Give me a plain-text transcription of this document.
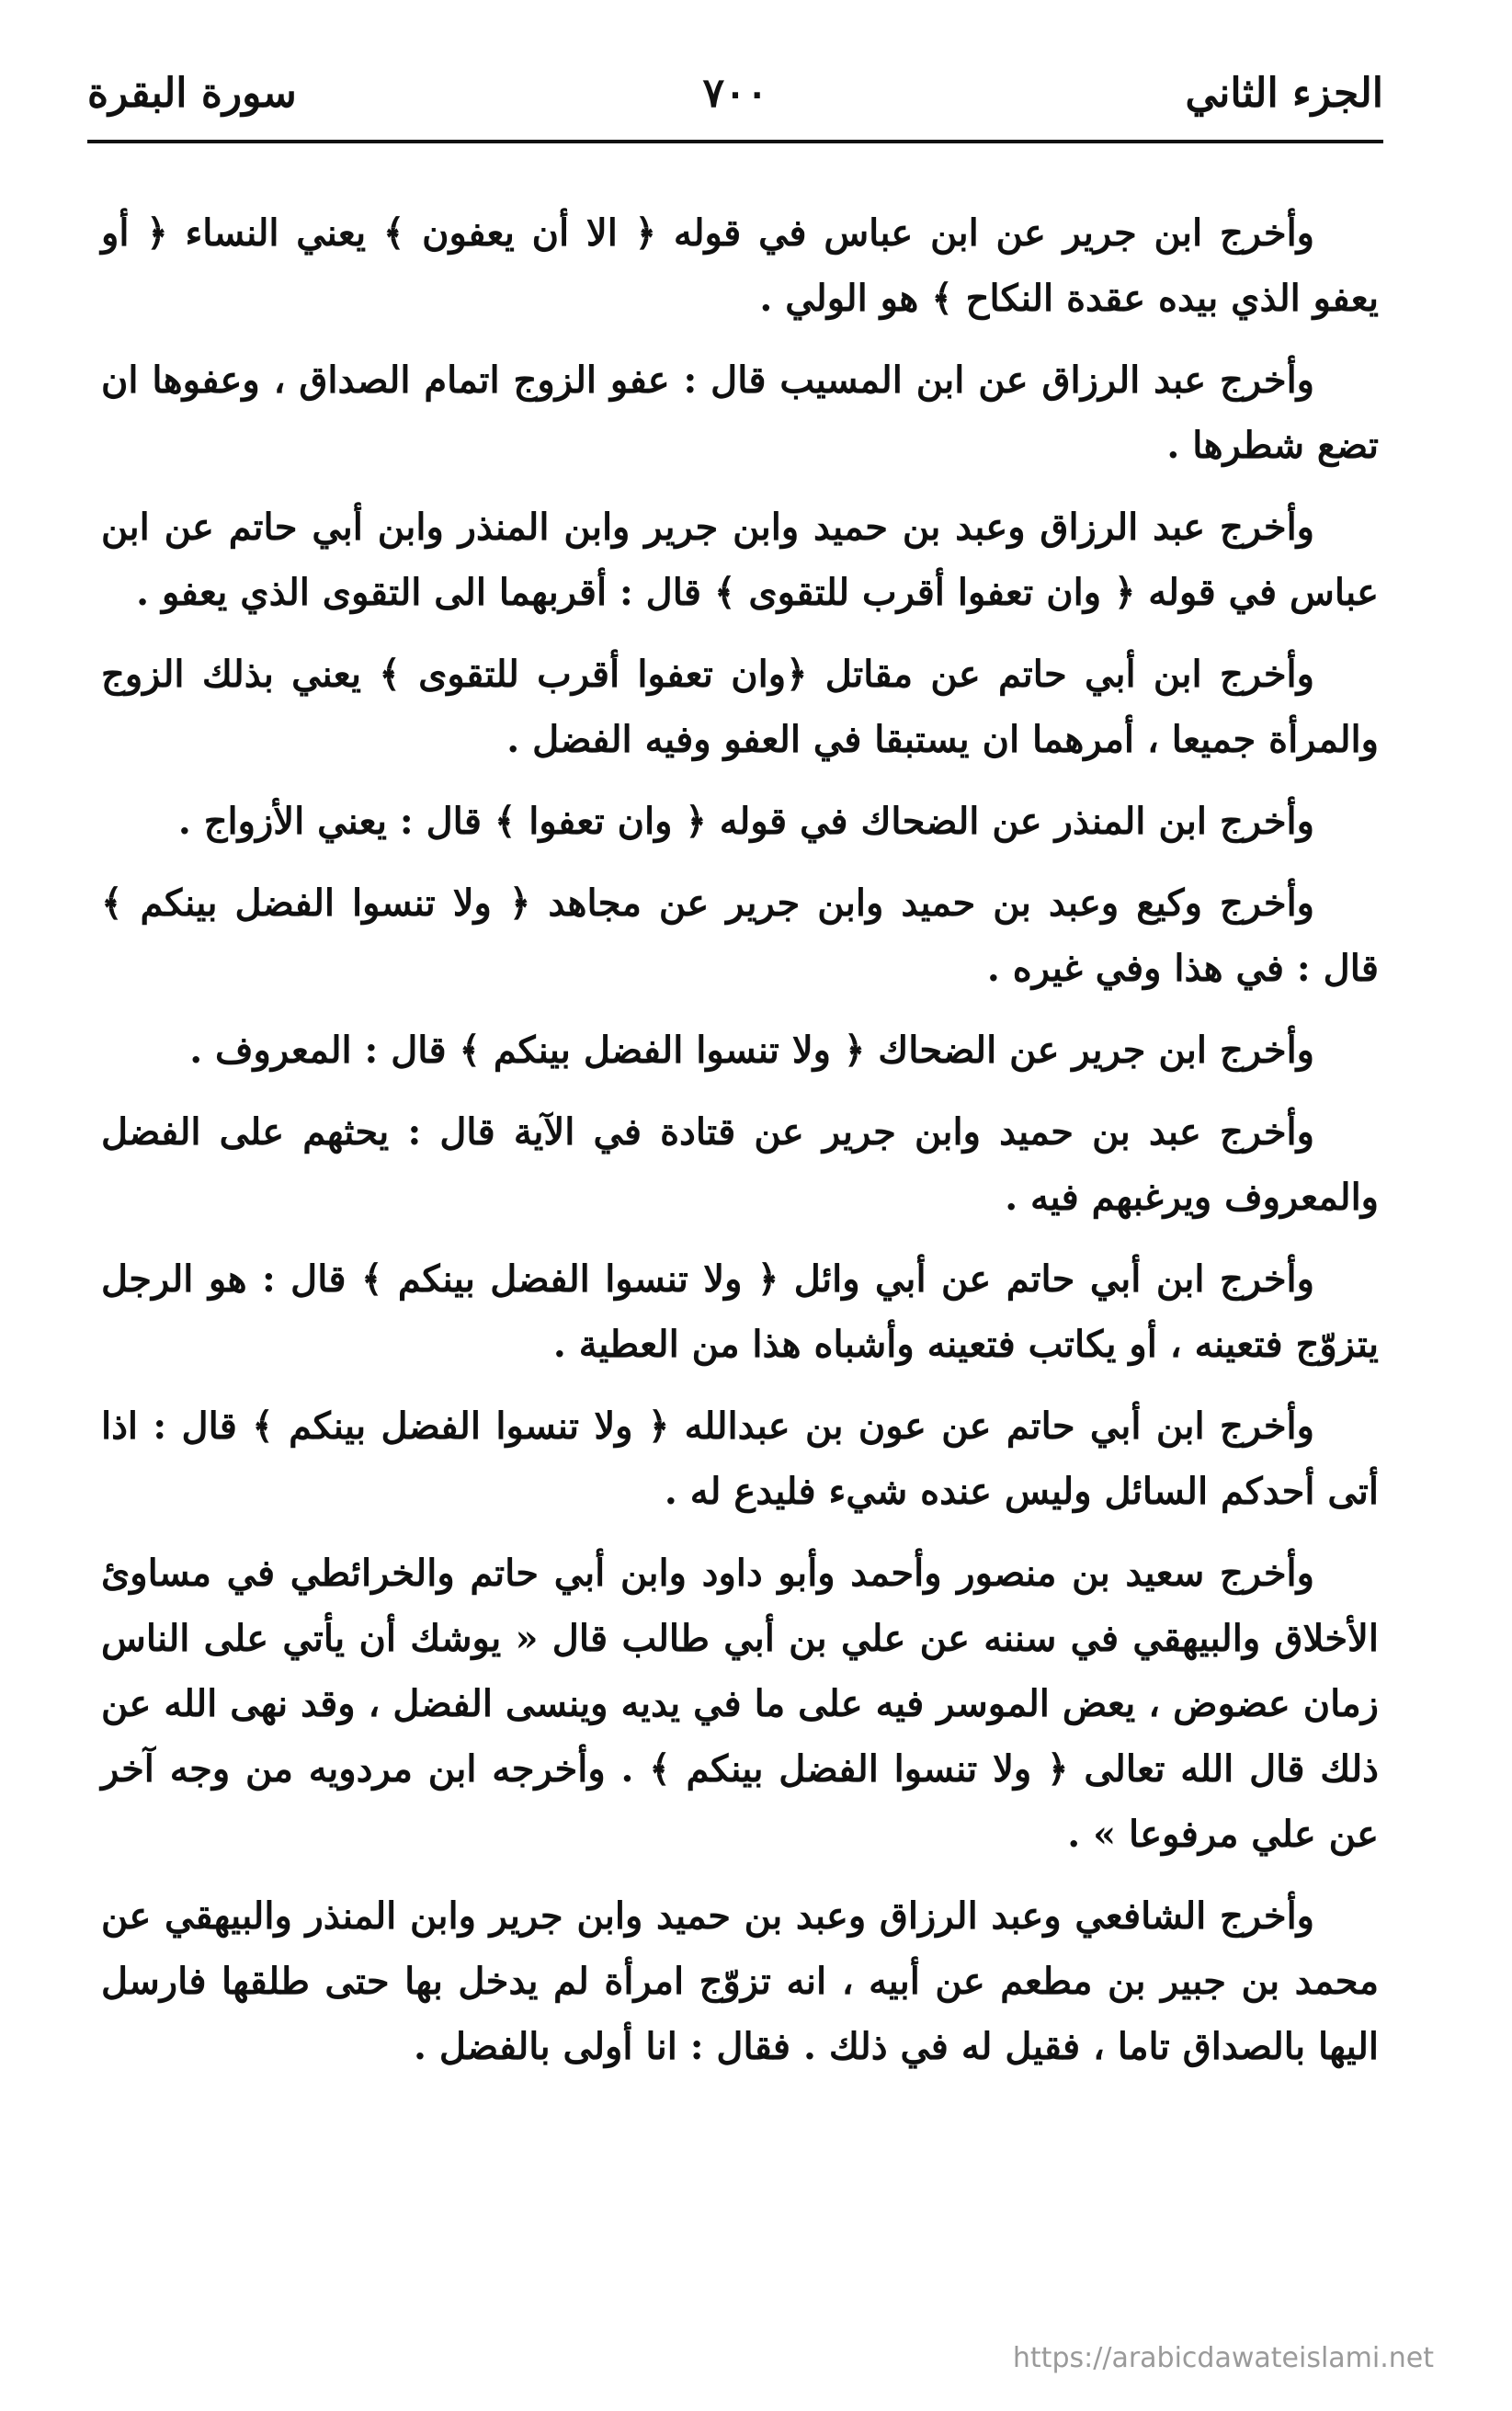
الجزء الثاني
٧٠٠
سورة البقرة

وأخرج ابن جرير عن ابن عباس في قوله ﴿ الا أن يعفون ﴾ يعني النساء ﴿ أو يعفو الذي بيده عقدة النكاح ﴾ هو الولي .

وأخرج عبد الرزاق عن ابن المسيب قال : عفو الزوج اتمام الصداق ، وعفوها ان تضع شطرها .

وأخرج عبد الرزاق وعبد بن حميد وابن جرير وابن المنذر وابن أبي حاتم عن ابن عباس في قوله ﴿ وان تعفوا أقرب للتقوى ﴾ قال : أقربهما الى التقوى الذي يعفو .

وأخرج ابن أبي حاتم عن مقاتل ﴿وان تعفوا أقرب للتقوى ﴾ يعني بذلك الزوج والمرأة جميعا ، أمرهما ان يستبقا في العفو وفيه الفضل .

وأخرج ابن المنذر عن الضحاك في قوله ﴿ وان تعفوا ﴾ قال : يعني الأزواج .

وأخرج وكيع وعبد بن حميد وابن جرير عن مجاهد ﴿ ولا تنسوا الفضل بينكم ﴾ قال : في هذا وفي غيره .

وأخرج ابن جرير عن الضحاك ﴿ ولا تنسوا الفضل بينكم ﴾ قال : المعروف .

وأخرج عبد بن حميد وابن جرير عن قتادة في الآية قال : يحثهم على الفضل والمعروف ويرغبهم فيه .

وأخرج ابن أبي حاتم عن أبي وائل ﴿ ولا تنسوا الفضل بينكم ﴾ قال : هو الرجل يتزوّج فتعينه ، أو يكاتب فتعينه وأشباه هذا من العطية .

وأخرج ابن أبي حاتم عن عون بن عبدالله ﴿ ولا تنسوا الفضل بينكم ﴾ قال : اذا أتى أحدكم السائل وليس عنده شيء فليدع له .

وأخرج سعيد بن منصور وأحمد وأبو داود وابن أبي حاتم والخرائطي في مساوئ الأخلاق والبيهقي في سننه عن علي بن أبي طالب قال « يوشك أن يأتي على الناس زمان عضوض ، يعض الموسر فيه على ما في يديه وينسى الفضل ، وقد نهى الله عن ذلك قال الله تعالى ﴿ ولا تنسوا الفضل بينكم ﴾ . وأخرجه ابن مردويه من وجه آخر عن علي مرفوعا » .

وأخرج الشافعي وعبد الرزاق وعبد بن حميد وابن جرير وابن المنذر والبيهقي عن محمد بن جبير بن مطعم عن أبيه ، انه تزوّج امرأة لم يدخل بها حتى طلقها فارسل اليها بالصداق تاما ، فقيل له في ذلك . فقال : انا أولى بالفضل .

https://arabicdawateislami.net
